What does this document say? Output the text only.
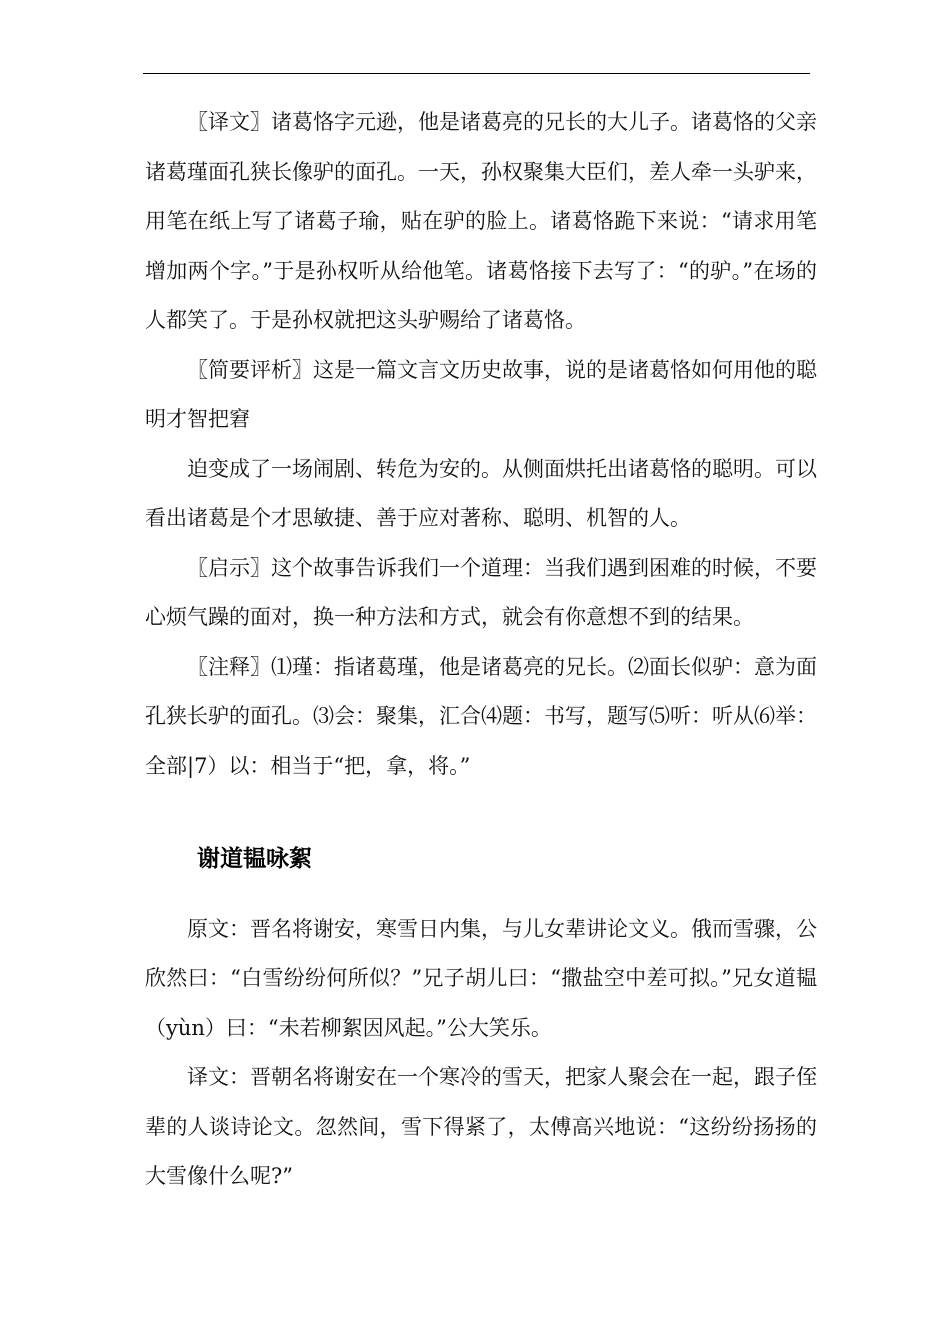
〖译文〗诸葛恪字元逊，他是诸葛亮的兄长的大儿子。诸葛恪的父亲诸葛瑾面孔狭长像驴的面孔。一天，孙权聚集大臣们，差人牵一头驴来，用笔在纸上写了诸葛子瑜，贴在驴的脸上。诸葛恪跪下来说：“请求用笔增加两个字。”于是孙权听从给他笔。诸葛恪接下去写了：“的驴。”在场的人都笑了。于是孙权就把这头驴赐给了诸葛恪。

〖简要评析〗这是一篇文言文历史故事，说的是诸葛恪如何用他的聪明才智把窘

迫变成了一场闹剧、转危为安的。从侧面烘托出诸葛恪的聪明。可以看出诸葛是个才思敏捷、善于应对著称、聪明、机智的人。

〖启示〗这个故事告诉我们一个道理：当我们遇到困难的时候，不要心烦气躁的面对，换一种方法和方式，就会有你意想不到的结果。

〖注释〗⑴瑾：指诸葛瑾，他是诸葛亮的兄长。⑵面长似驴：意为面孔狭长驴的面孔。⑶会：聚集，汇合⑷题：书写，题写⑸听：听从⑹举：全部|7）以：相当于“把，拿，将。”

谢道韫咏絮

原文：晋名将谢安，寒雪日内集，与儿女辈讲论文义。俄而雪骤，公欣然曰：“白雪纷纷何所似？”兄子胡儿曰：“撒盐空中差可拟。”兄女道韫（yùn）曰：“未若柳絮因风起。”公大笑乐。

译文：晋朝名将谢安在一个寒冷的雪天，把家人聚会在一起，跟子侄辈的人谈诗论文。忽然间，雪下得紧了，太傅高兴地说：“这纷纷扬扬的大雪像什么呢?”
